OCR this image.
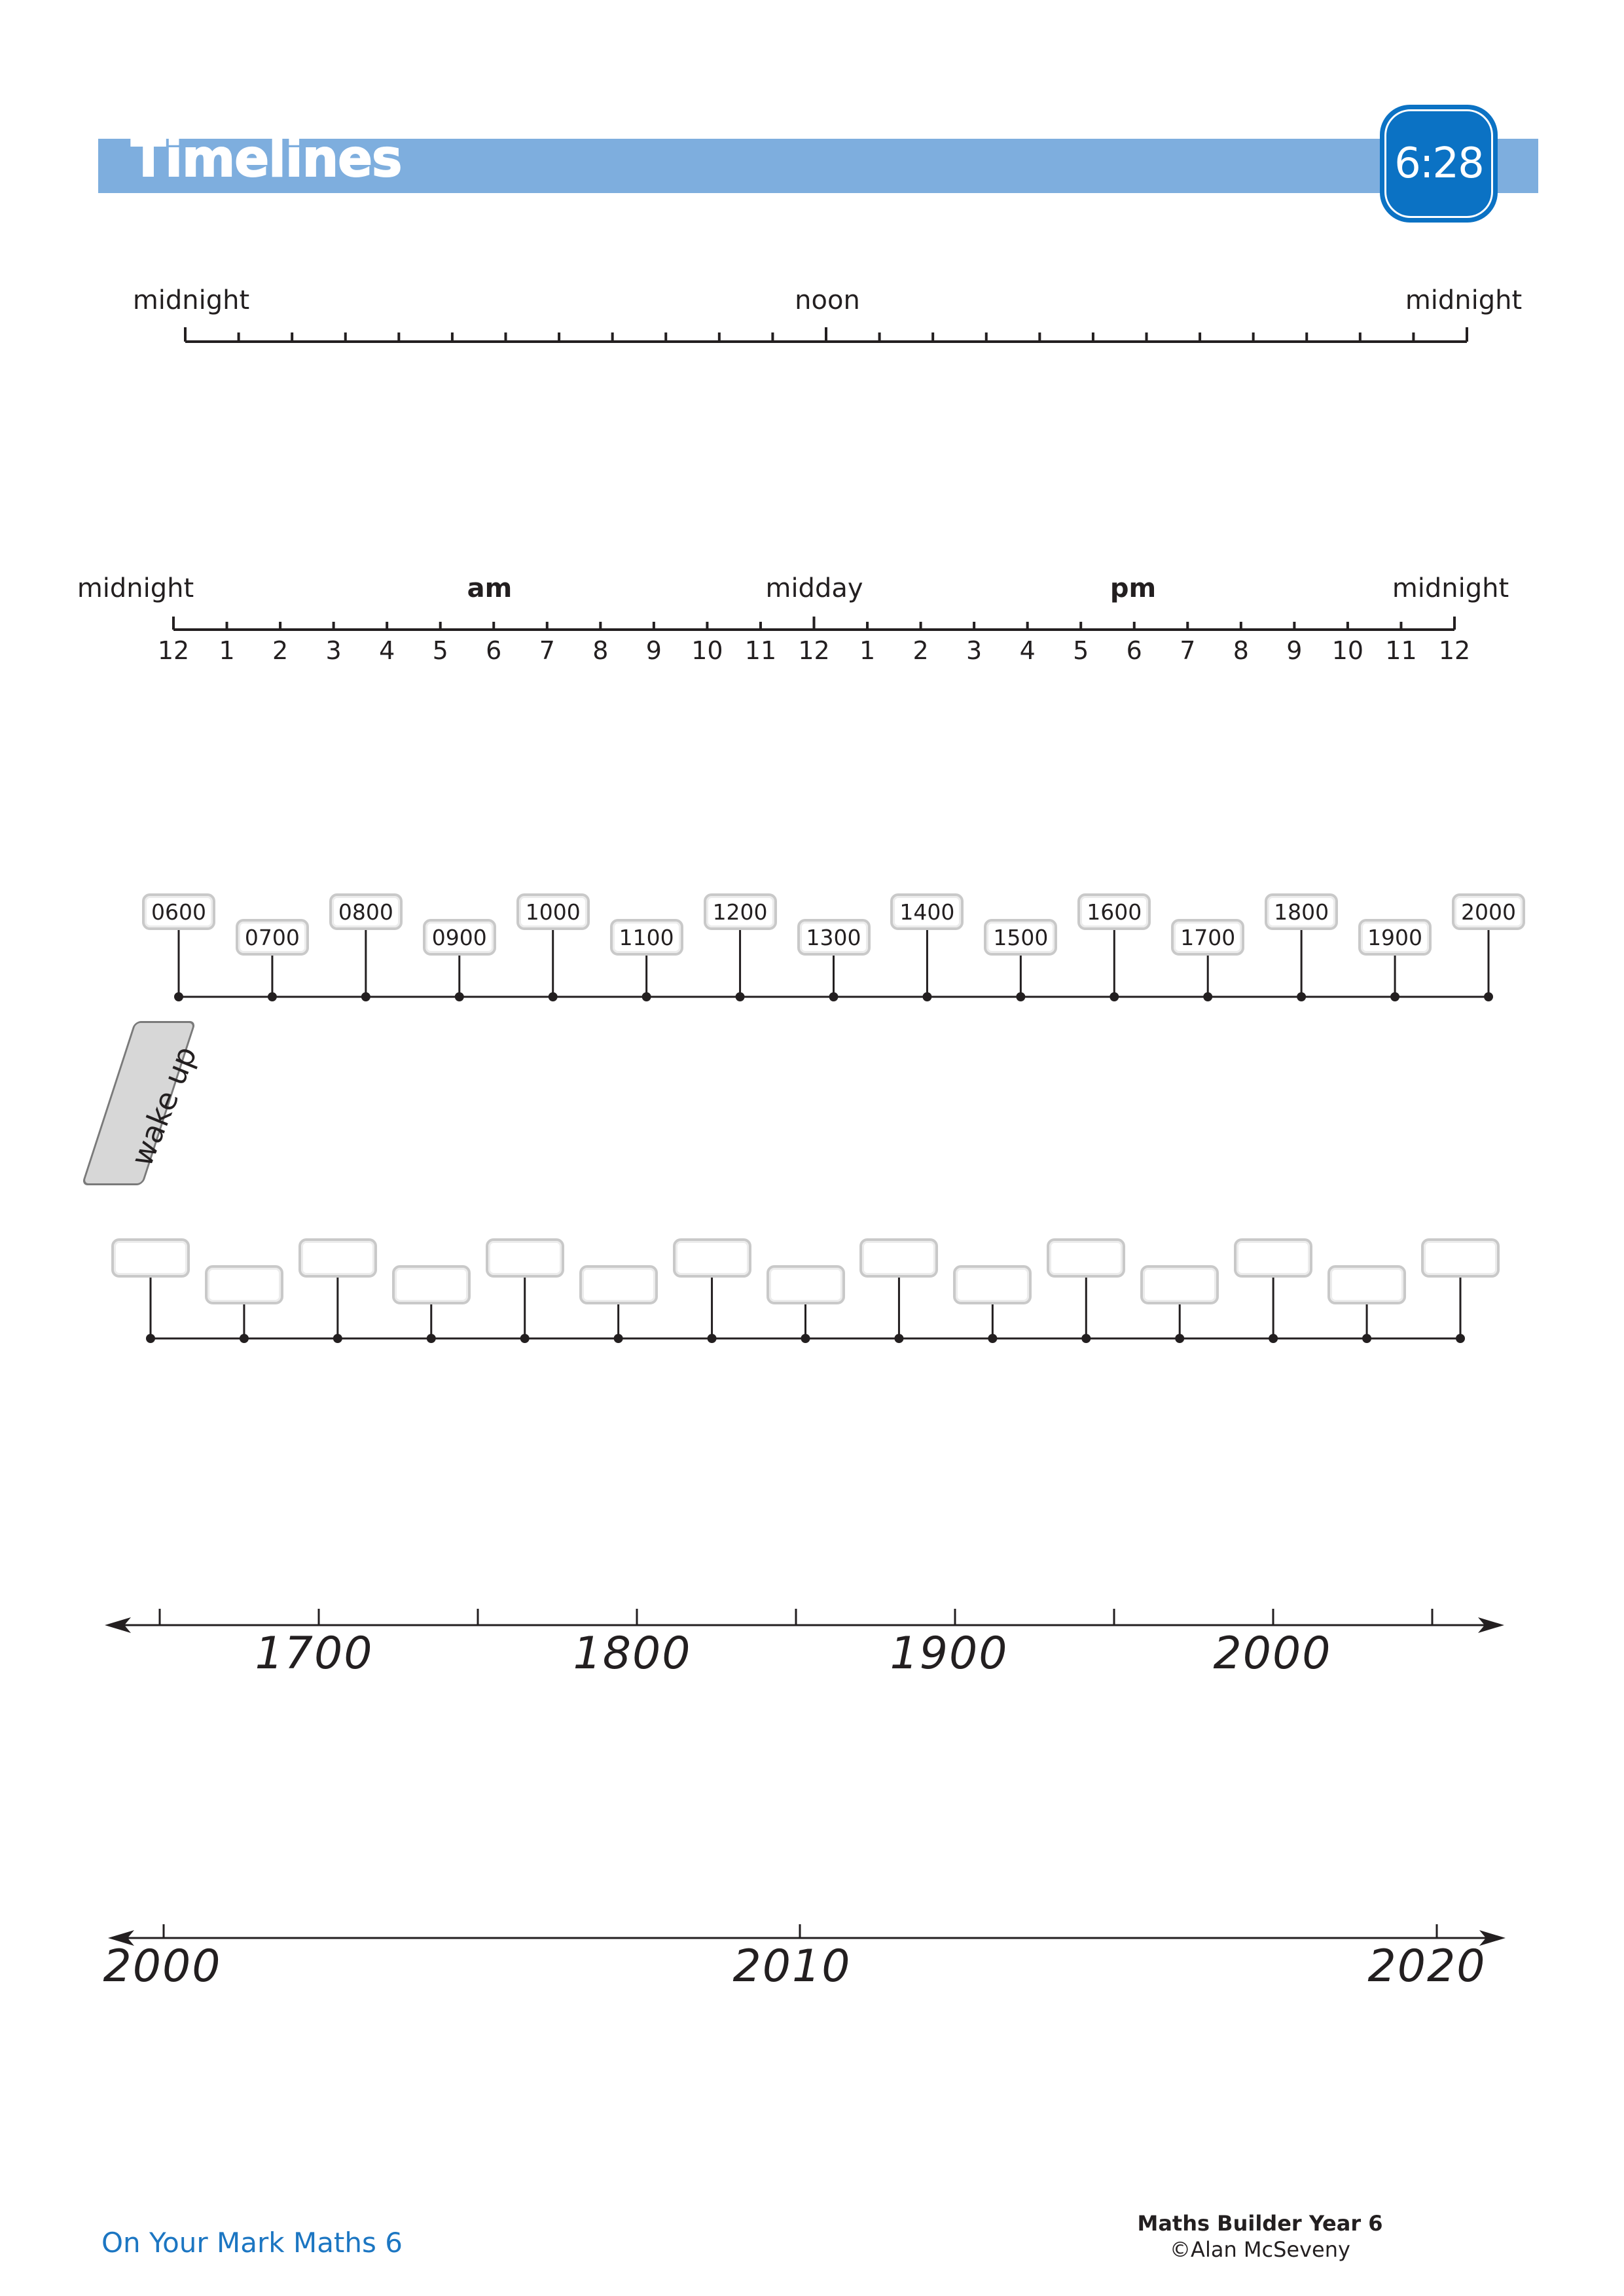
Timelines	6:28
midnight	noon	midnight
midnight	am	midday	pm	midnight
12 1 2 3 4 5 6 7 8 9 10 11 12 1 2 3 4 5 6 7 8 9 10 11 12
0600
0700
0800
0900
1000
1100
1200
1300
1400
1500
1600
1700
1800
1900
2000
wake up
1700	1800	1900	2000
2000	2010	2020
On Your Mark Maths 6
Maths Builder Year 6
©Alan McSeveny
